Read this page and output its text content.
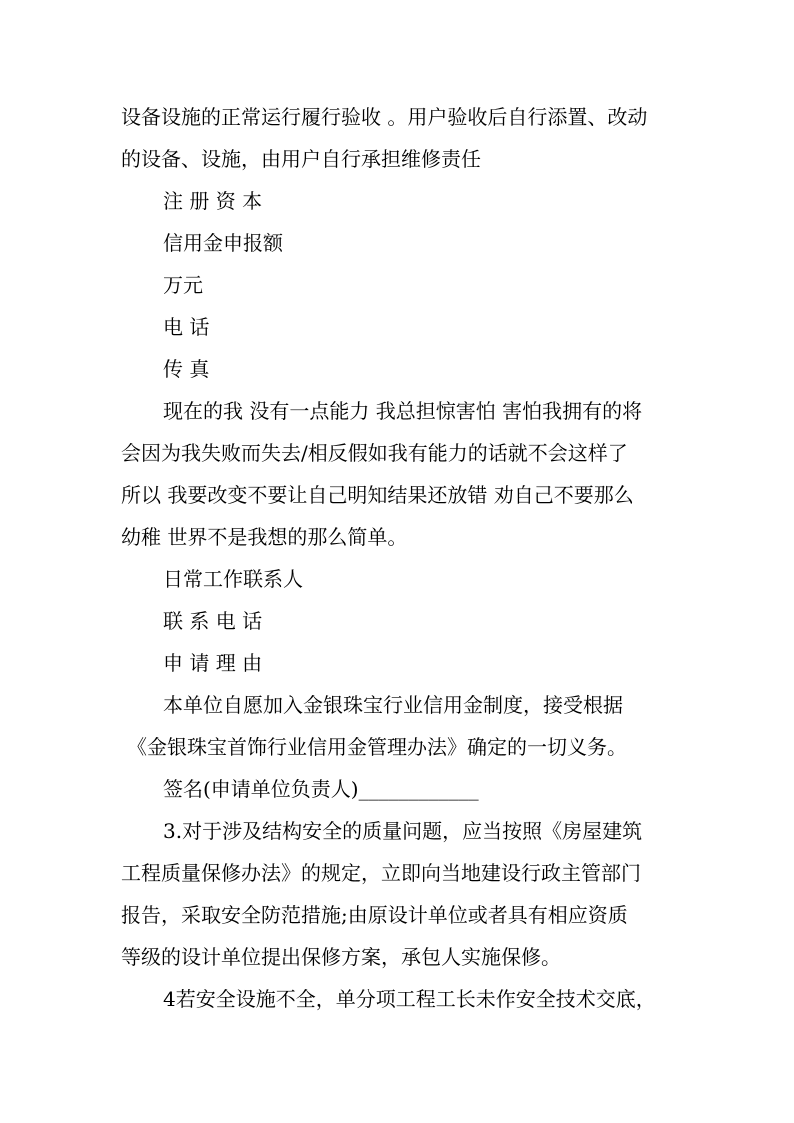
设备设施的正常运行履行验收 。用户验收后自行添置、改动
的设备、设施，由用户自行承担维修责任
注 册 资 本
信用金申报额
万元
电 话
传 真
现在的我 没有一点能力 我总担惊害怕 害怕我拥有的将
会因为我失败而失去/相反假如我有能力的话就不会这样了
所以 我要改变不要让自己明知结果还放错 劝自己不要那么
幼稚 世界不是我想的那么简单。
日常工作联系人
联 系 电 话
申 请 理 由
本单位自愿加入金银珠宝行业信用金制度，接受根据
《金银珠宝首饰行业信用金管理办法》确定的一切义务。
签名(申请单位负责人)____________
3.对于涉及结构安全的质量问题，应当按照《房屋建筑
工程质量保修办法》的规定，立即向当地建设行政主管部门
报告，采取安全防范措施;由原设计单位或者具有相应资质
等级的设计单位提出保修方案，承包人实施保修。
4若安全设施不全，单分项工程工长未作安全技术交底，
